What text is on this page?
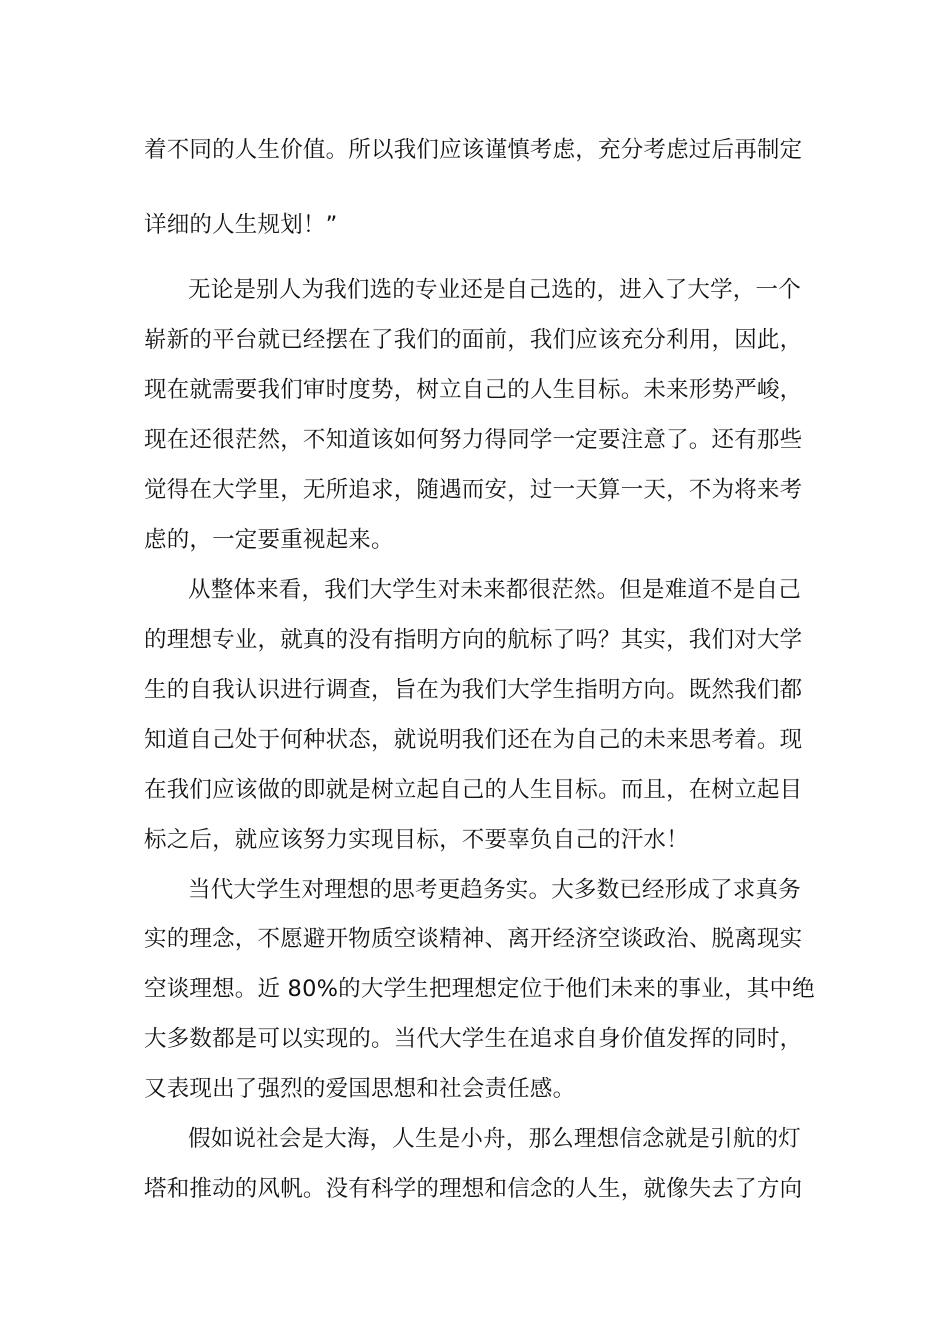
着不同的人生价值。所以我们应该谨慎考虑，充分考虑过后再制定
详细的人生规划！”
无论是别人为我们选的专业还是自己选的，进入了大学，一个
崭新的平台就已经摆在了我们的面前，我们应该充分利用，因此，
现在就需要我们审时度势，树立自己的人生目标。未来形势严峻，
现在还很茫然，不知道该如何努力得同学一定要注意了。还有那些
觉得在大学里，无所追求，随遇而安，过一天算一天，不为将来考
虑的，一定要重视起来。
从整体来看，我们大学生对未来都很茫然。但是难道不是自己
的理想专业，就真的没有指明方向的航标了吗？其实，我们对大学
生的自我认识进行调查，旨在为我们大学生指明方向。既然我们都
知道自己处于何种状态，就说明我们还在为自己的未来思考着。现
在我们应该做的即就是树立起自己的人生目标。而且，在树立起目
标之后，就应该努力实现目标，不要辜负自己的汗水！
当代大学生对理想的思考更趋务实。大多数已经形成了求真务
实的理念，不愿避开物质空谈精神、离开经济空谈政治、脱离现实
空谈理想。近 80%的大学生把理想定位于他们未来的事业，其中绝
大多数都是可以实现的。当代大学生在追求自身价值发挥的同时，
又表现出了强烈的爱国思想和社会责任感。
假如说社会是大海，人生是小舟，那么理想信念就是引航的灯
塔和推动的风帆。没有科学的理想和信念的人生，就像失去了方向
